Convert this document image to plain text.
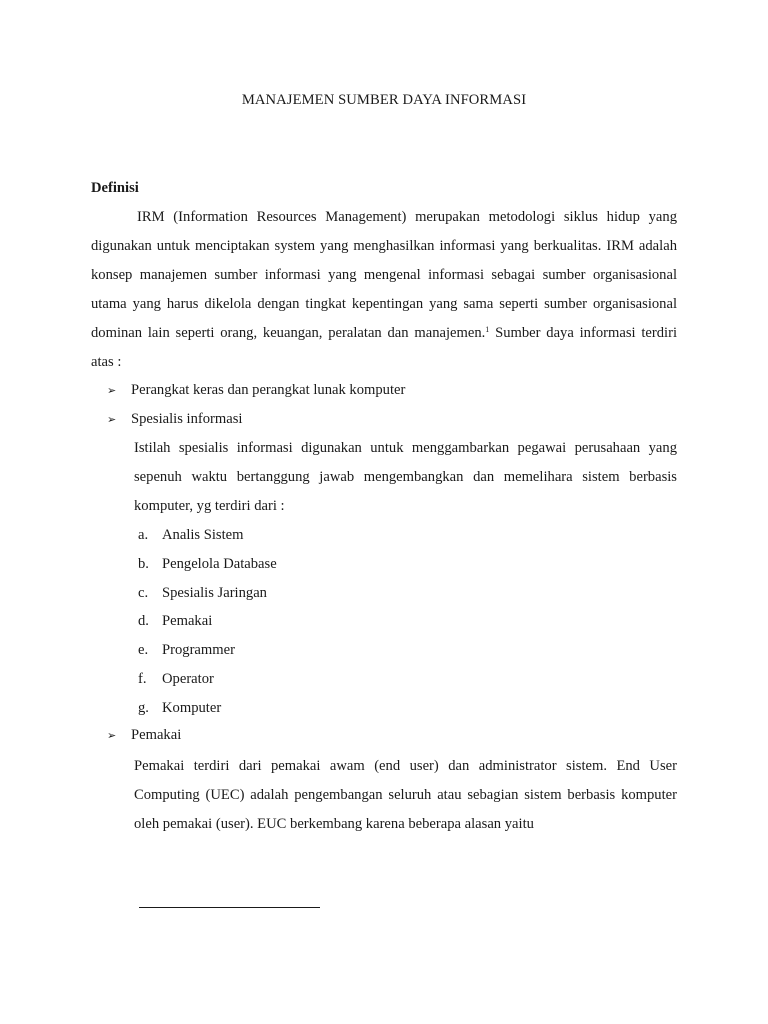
MANAJEMEN SUMBER DAYA INFORMASI
Definisi

IRM (Information Resources Management) merupakan metodologi siklus hidup yang digunakan untuk menciptakan system yang menghasilkan informasi yang berkualitas. IRM adalah konsep manajemen sumber informasi yang mengenal informasi sebagai sumber organisasional utama yang harus dikelola dengan tingkat kepentingan yang sama seperti sumber organisasional dominan lain seperti orang, keuangan, peralatan dan manajemen.$^1$ Sumber daya informasi terdiri atas :

➢	Perangkat keras dan perangkat lunak komputer
➢	Spesialis informasi

Istilah spesialis informasi digunakan untuk menggambarkan pegawai perusahaan yang sepenuh waktu bertanggung jawab mengembangkan dan memelihara sistem berbasis komputer, yg terdiri dari :

a. Analis Sistem
b. Pengelola Database
c. Spesialis Jaringan
d. Pemakai
e. Programmer
f. Operator
g. Komputer
➢	Pemakai

Pemakai terdiri dari pemakai awam (end user) dan administrator sistem. End User Computing (UEC) adalah pengembangan seluruh atau sebagian sistem berbasis komputer oleh pemakai (user). EUC berkembang karena beberapa alasan yaitu
